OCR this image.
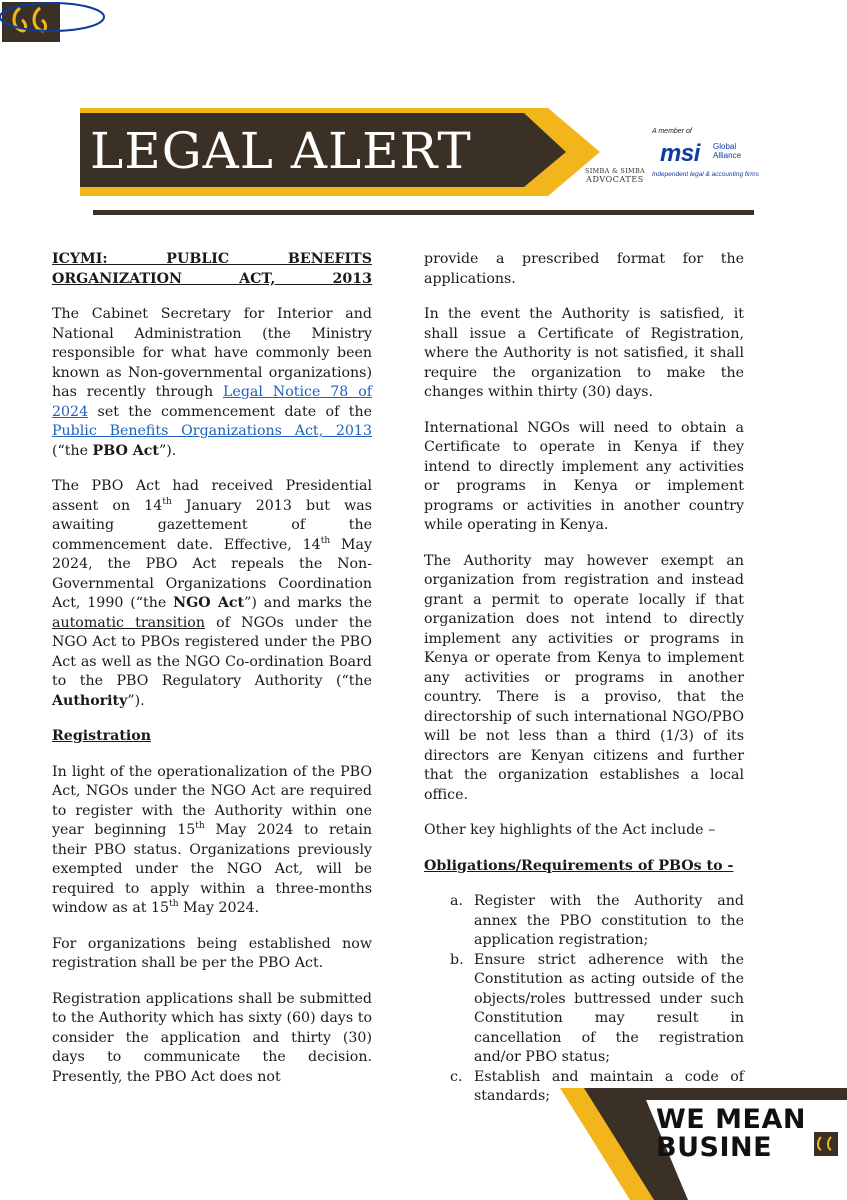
LEGAL ALERT	SIMBA & SIMBA
ADVOCATES
A member of
msi Global Alliance
Independent legal & accounting firms
ICYMI: PUBLIC BENEFITS
ORGANIZATION ACT, 2013

The Cabinet Secretary for Interior and National Administration (the Ministry responsible for what have commonly been known as Non-governmental organizations) has recently through Legal Notice 78 of 2024 set the commencement date of the Public Benefits Organizations Act, 2013 (“the PBO Act”).

The PBO Act had received Presidential assent on 14th January 2013 but was awaiting gazettement of the commencement date. Effective, 14th May 2024, the PBO Act repeals the Non-Governmental Organizations Coordination Act, 1990 (“the NGO Act”) and marks the automatic transition of NGOs under the NGO Act to PBOs registered under the PBO Act as well as the NGO Co-ordination Board to the PBO Regulatory Authority (“the Authority”).

Registration

In light of the operationalization of the PBO Act, NGOs under the NGO Act are required to register with the Authority within one year beginning 15th May 2024 to retain their PBO status. Organizations previously exempted under the NGO Act, will be required to apply within a three-months window as at 15th May 2024.

For organizations being established now registration shall be per the PBO Act.

Registration applications shall be submitted to the Authority which has sixty (60) days to consider the application and thirty (30) days to communicate the decision. Presently, the PBO Act does not

provide a prescribed format for the applications.

In the event the Authority is satisfied, it shall issue a Certificate of Registration, where the Authority is not satisfied, it shall require the organization to make the changes within thirty (30) days.

International NGOs will need to obtain a Certificate to operate in Kenya if they intend to directly implement any activities or programs in Kenya or implement programs or activities in another country while operating in Kenya.

The Authority may however exempt an organization from registration and instead grant a permit to operate locally if that organization does not intend to directly implement any activities or programs in Kenya or operate from Kenya to implement any activities or programs in another country. There is a proviso, that the directorship of such international NGO/PBO will be not less than a third (1/3) of its directors are Kenyan citizens and further that the organization establishes a local office.

Other key highlights of the Act include –

Obligations/Requirements of PBOs to -
a. Register with the Authority and annex the PBO constitution to the application registration;
b. Ensure strict adherence with the Constitution as acting outside of the objects/roles buttressed under such Constitution may result in cancellation of the registration and/or PBO status;
c. Establish and maintain a code of standards;
WE MEAN
BUSINE
